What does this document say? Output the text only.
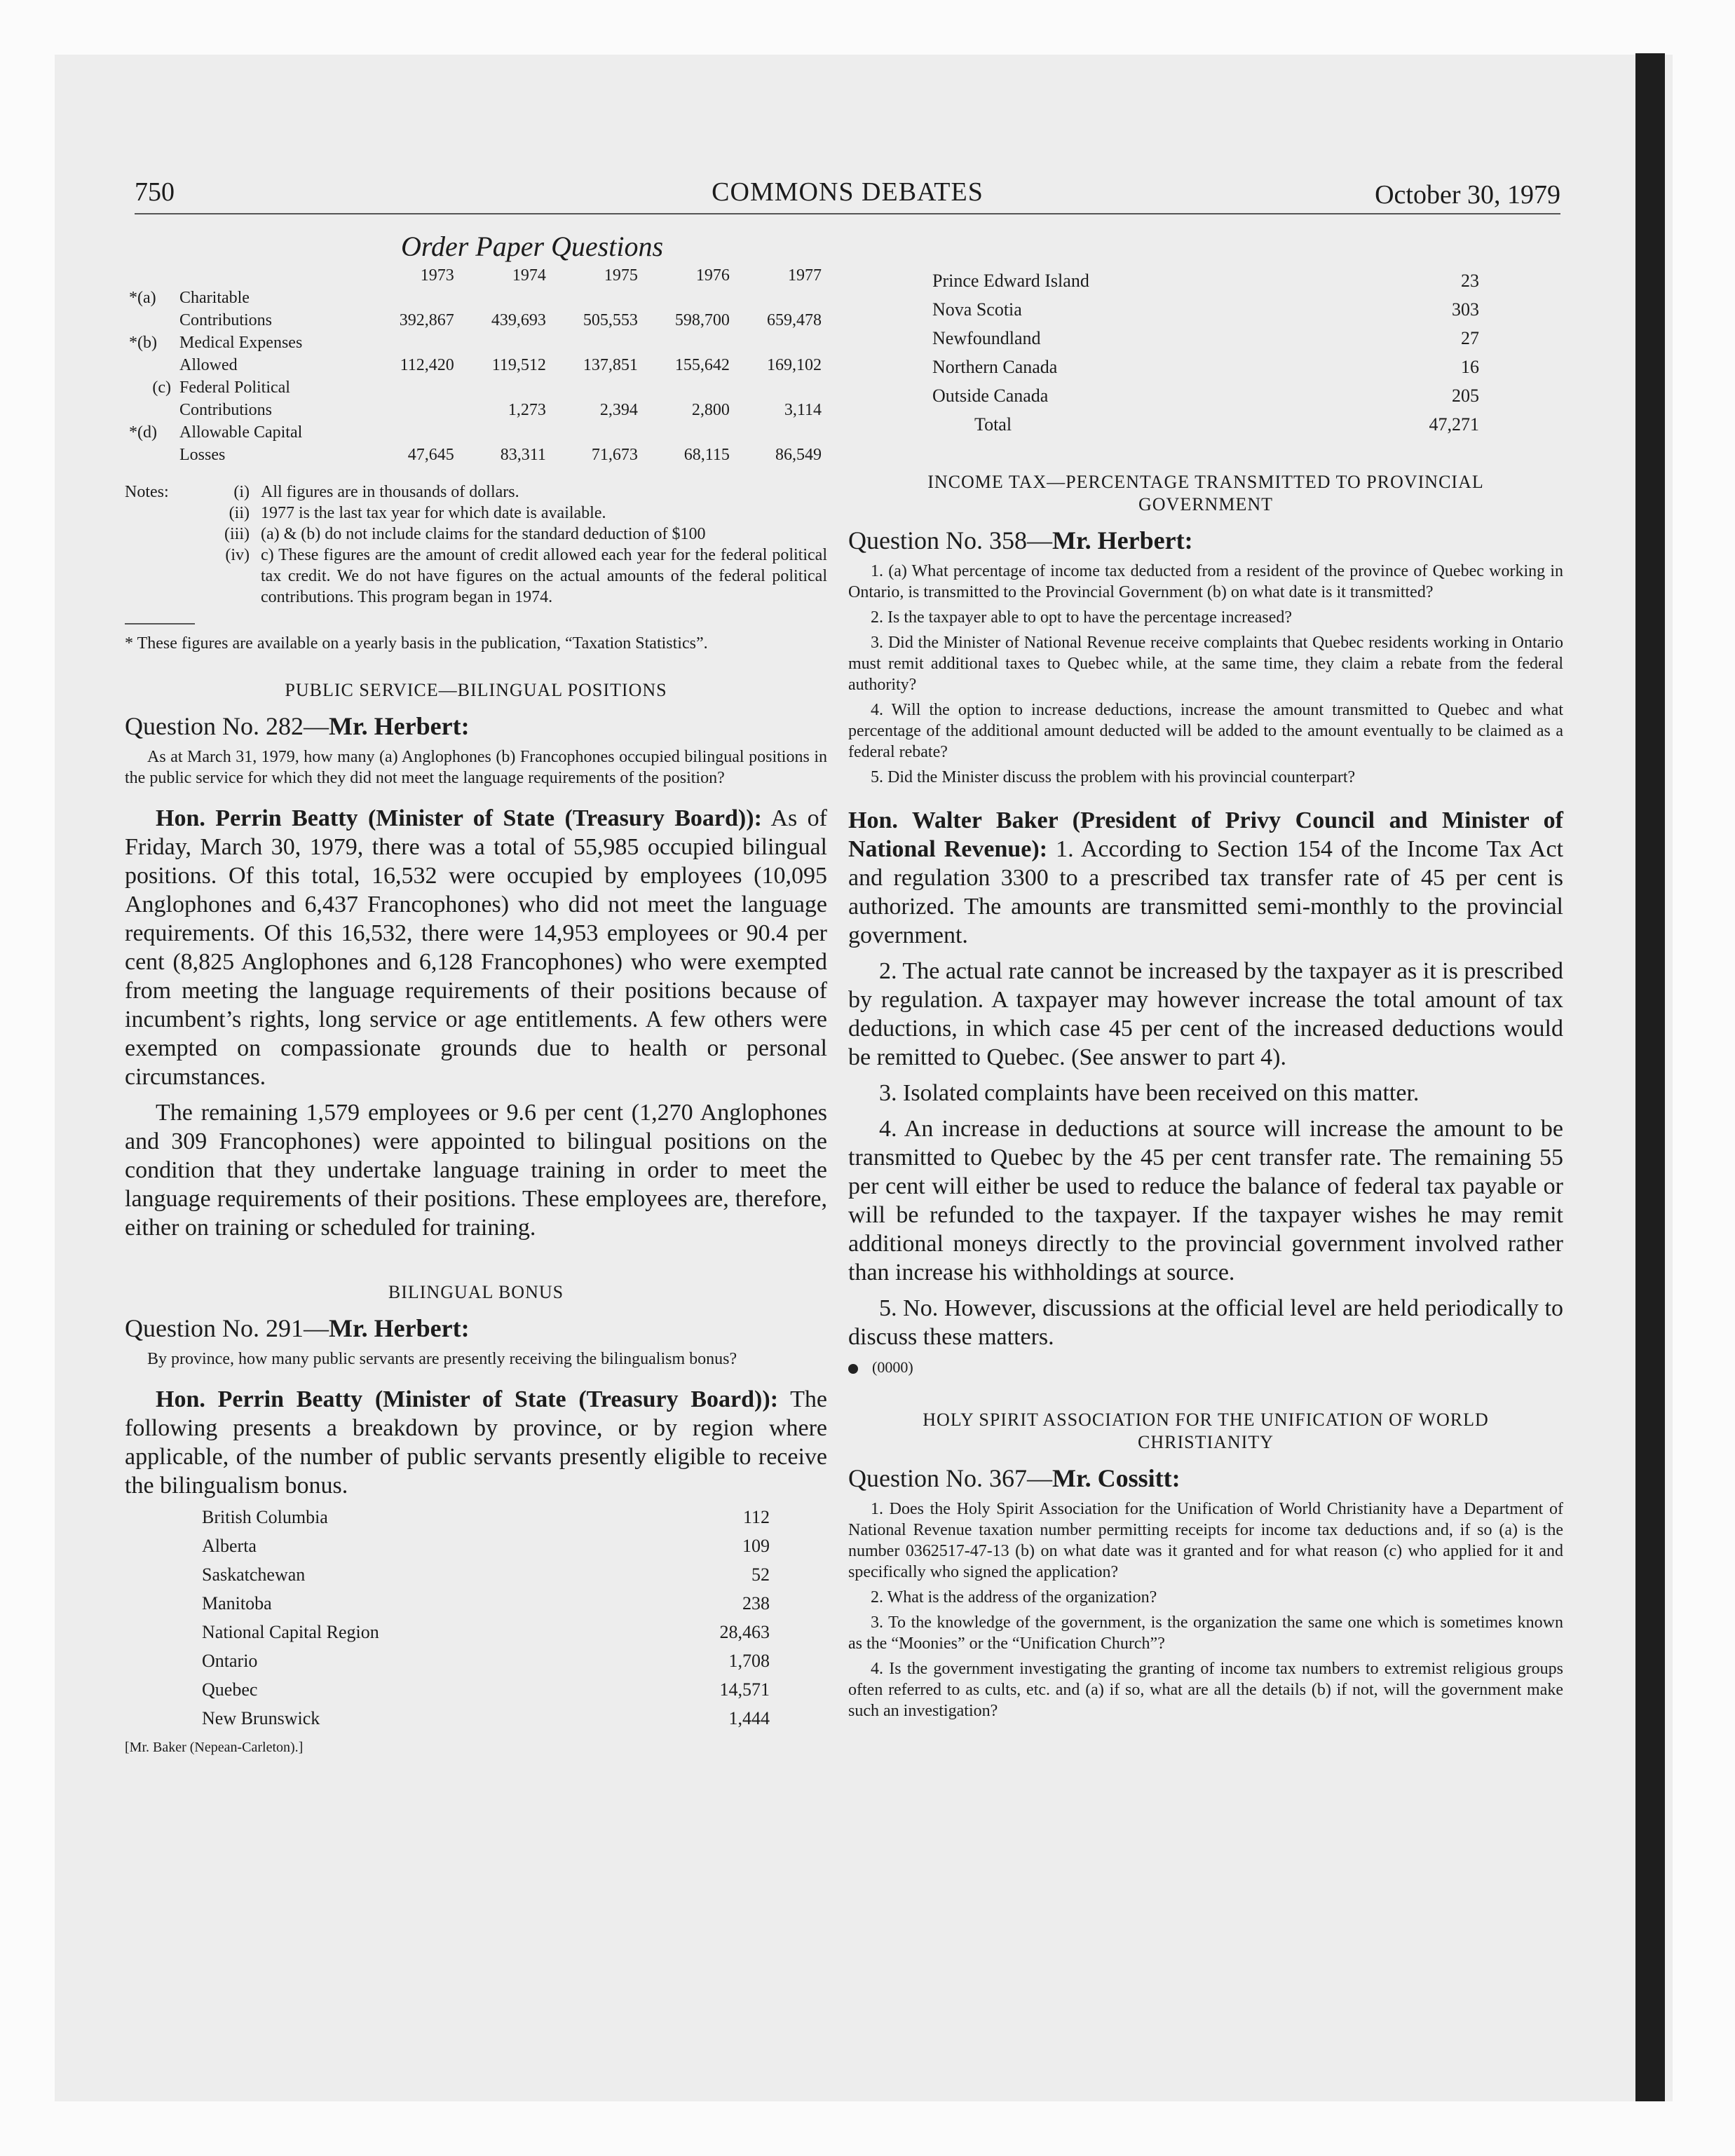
750	COMMONS DEBATES	October 30, 1979
Order Paper Questions
		1973	1974	1975	1976	1977
*(a)	Charitable					
	Contributions	392,867	439,693	505,553	598,700	659,478
*(b)	Medical Expenses					
	Allowed	112,420	119,512	137,851	155,642	169,102
(c)	Federal Political					
	Contributions		1,273	2,394	2,800	3,114
*(d)	Allowable Capital					
	Losses	47,645	83,311	71,673	68,115	86,549
Notes:	(i) All figures are in thousands of dollars.
(ii) 1977 is the last tax year for which date is available.
(iii) (a) & (b) do not include claims for the standard deduction of $100
(iv) c) These figures are the amount of credit allowed each year for the federal political tax credit. We do not have figures on the actual amounts of the federal political contributions. This program began in 1974.
* These figures are available on a yearly basis in the publication, “Taxation Statistics”.
PUBLIC SERVICE—BILINGUAL POSITIONS
Question No. 282—Mr. Herbert:

As at March 31, 1979, how many (a) Anglophones (b) Francophones occupied bilingual positions in the public service for which they did not meet the language requirements of the position?

Hon. Perrin Beatty (Minister of State (Treasury Board)): As of Friday, March 30, 1979, there was a total of 55,985 occupied bilingual positions. Of this total, 16,532 were occupied by employees (10,095 Anglophones and 6,437 Francophones) who did not meet the language requirements. Of this 16,532, there were 14,953 employees or 90.4 per cent (8,825 Anglophones and 6,128 Francophones) who were exempted from meeting the language requirements of their positions because of incumbent’s rights, long service or age entitlements. A few others were exempted on compassionate grounds due to health or personal circumstances.

The remaining 1,579 employees or 9.6 per cent (1,270 Anglophones and 309 Francophones) were appointed to bilingual positions on the condition that they undertake language training in order to meet the language requirements of their positions. These employees are, therefore, either on training or scheduled for training.

BILINGUAL BONUS
Question No. 291—Mr. Herbert:

By province, how many public servants are presently receiving the bilingualism bonus?

Hon. Perrin Beatty (Minister of State (Treasury Board)): The following presents a breakdown by province, or by region where applicable, of the number of public servants presently eligible to receive the bilingualism bonus.

British Columbia	112
Alberta	109
Saskatchewan	52
Manitoba	238
National Capital Region	28,463
Ontario	1,708
Quebec	14,571
New Brunswick	1,444
[Mr. Baker (Nepean-Carleton).]
Prince Edward Island	23
Nova Scotia	303
Newfoundland	27
Northern Canada	16
Outside Canada	205
Total	47,271
INCOME TAX—PERCENTAGE TRANSMITTED TO PROVINCIAL GOVERNMENT
Question No. 358—Mr. Herbert:

1. (a) What percentage of income tax deducted from a resident of the province of Quebec working in Ontario, is transmitted to the Provincial Government (b) on what date is it transmitted?

2. Is the taxpayer able to opt to have the percentage increased?

3. Did the Minister of National Revenue receive complaints that Quebec residents working in Ontario must remit additional taxes to Quebec while, at the same time, they claim a rebate from the federal authority?

4. Will the option to increase deductions, increase the amount transmitted to Quebec and what percentage of the additional amount deducted will be added to the amount eventually to be claimed as a federal rebate?

5. Did the Minister discuss the problem with his provincial counterpart?

Hon. Walter Baker (President of Privy Council and Minister of National Revenue): 1. According to Section 154 of the Income Tax Act and regulation 3300 to a prescribed tax transfer rate of 45 per cent is authorized. The amounts are transmitted semi-monthly to the provincial government.

2. The actual rate cannot be increased by the taxpayer as it is prescribed by regulation. A taxpayer may however increase the total amount of tax deductions, in which case 45 per cent of the increased deductions would be remitted to Quebec. (See answer to part 4).

3. Isolated complaints have been received on this matter.

4. An increase in deductions at source will increase the amount to be transmitted to Quebec by the 45 per cent transfer rate. The remaining 55 per cent will either be used to reduce the balance of federal tax payable or will be refunded to the taxpayer. If the taxpayer wishes he may remit additional moneys directly to the provincial government involved rather than increase his withholdings at source.

5. No. However, discussions at the official level are held periodically to discuss these matters.

(0000)
HOLY SPIRIT ASSOCIATION FOR THE UNIFICATION OF WORLD CHRISTIANITY
Question No. 367—Mr. Cossitt:

1. Does the Holy Spirit Association for the Unification of World Christianity have a Department of National Revenue taxation number permitting receipts for income tax deductions and, if so (a) is the number 0362517-47-13 (b) on what date was it granted and for what reason (c) who applied for it and specifically who signed the application?

2. What is the address of the organization?

3. To the knowledge of the government, is the organization the same one which is sometimes known as the “Moonies” or the “Unification Church”?

4. Is the government investigating the granting of income tax numbers to extremist religious groups often referred to as cults, etc. and (a) if so, what are all the details (b) if not, will the government make such an investigation?
